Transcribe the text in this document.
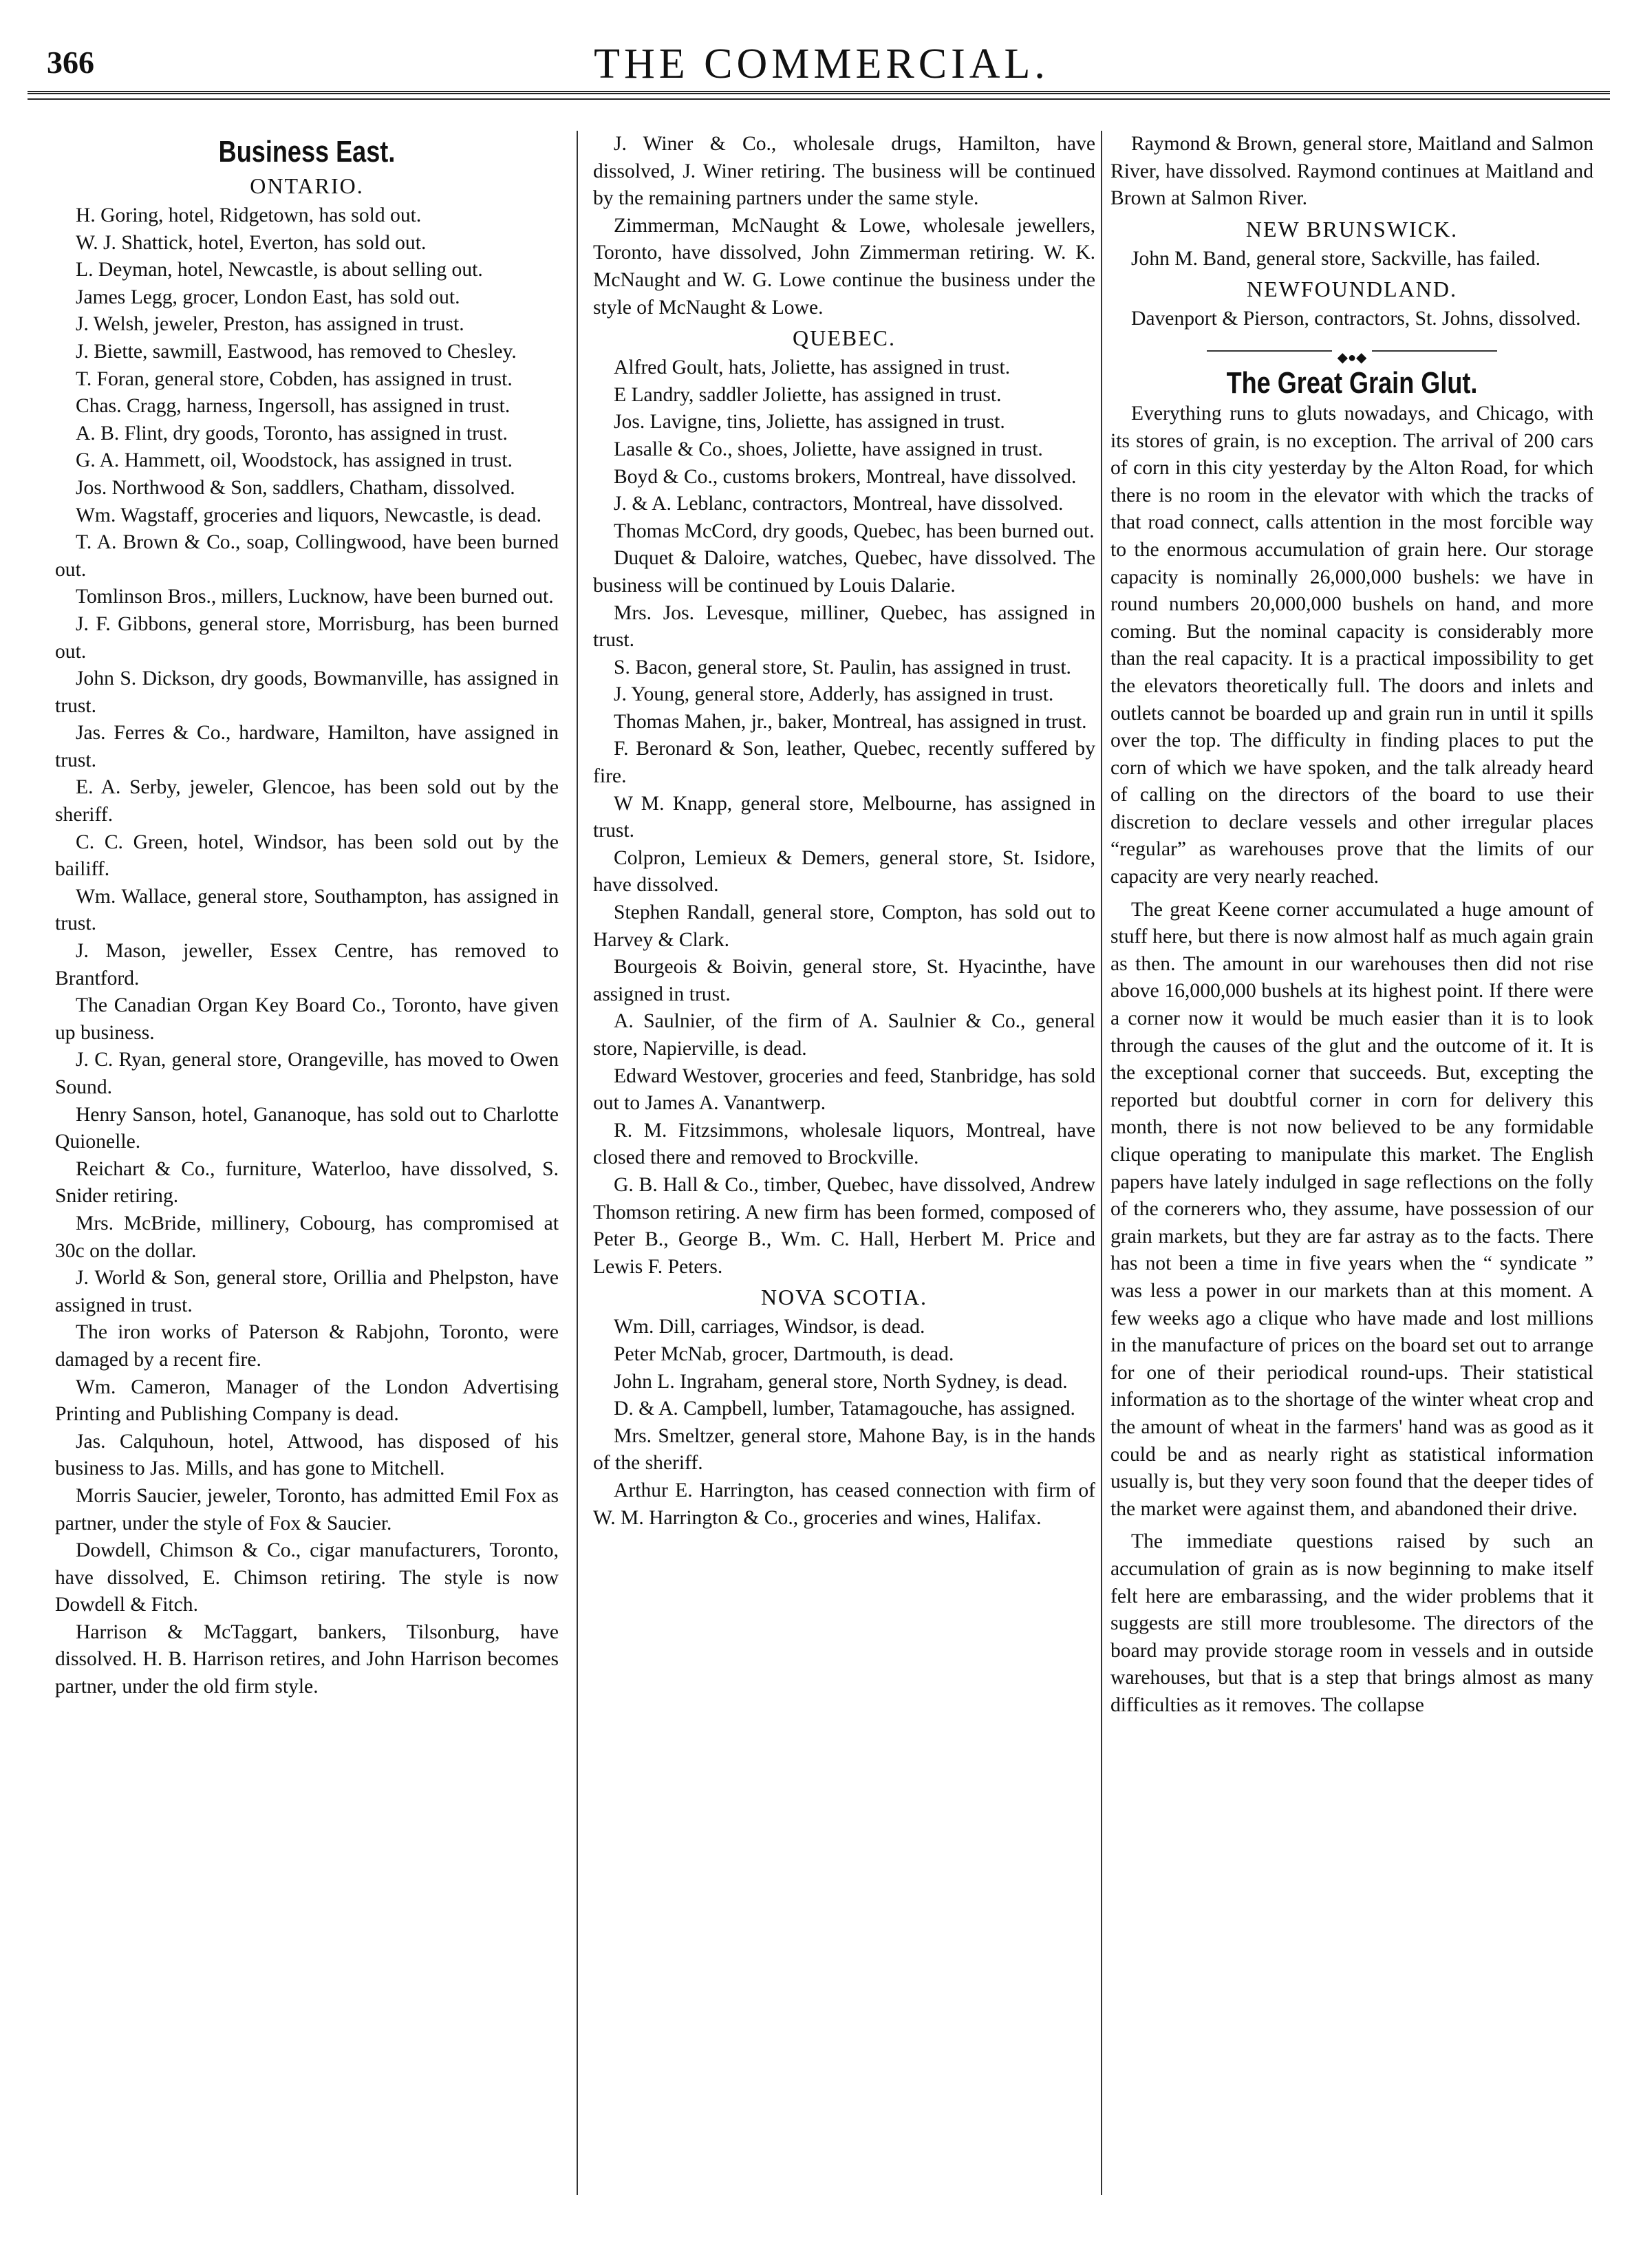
366	THE COMMERCIAL.
Business East.
ONTARIO.

H. Goring, hotel, Ridgetown, has sold out.

W. J. Shattick, hotel, Everton, has sold out.

L. Deyman, hotel, Newcastle, is about selling out.

James Legg, grocer, London East, has sold out.

J. Welsh, jeweler, Preston, has assigned in trust.

J. Biette, sawmill, Eastwood, has removed to Chesley.

T. Foran, general store, Cobden, has assigned in trust.

Chas. Cragg, harness, Ingersoll, has assigned in trust.

A. B. Flint, dry goods, Toronto, has assigned in trust.

G. A. Hammett, oil, Woodstock, has assigned in trust.

Jos. Northwood & Son, saddlers, Chatham, dissolved.

Wm. Wagstaff, groceries and liquors, Newcastle, is dead.

T. A. Brown & Co., soap, Collingwood, have been burned out.

Tomlinson Bros., millers, Lucknow, have been burned out.

J. F. Gibbons, general store, Morrisburg, has been burned out.

John S. Dickson, dry goods, Bowmanville, has assigned in trust.

Jas. Ferres & Co., hardware, Hamilton, have assigned in trust.

E. A. Serby, jeweler, Glencoe, has been sold out by the sheriff.

C. C. Green, hotel, Windsor, has been sold out by the bailiff.

Wm. Wallace, general store, Southampton, has assigned in trust.

J. Mason, jeweller, Essex Centre, has removed to Brantford.

The Canadian Organ Key Board Co., Toronto, have given up business.

J. C. Ryan, general store, Orangeville, has moved to Owen Sound.

Henry Sanson, hotel, Gananoque, has sold out to Charlotte Quionelle.

Reichart & Co., furniture, Waterloo, have dissolved, S. Snider retiring.

Mrs. McBride, millinery, Cobourg, has compromised at 30c on the dollar.

J. World & Son, general store, Orillia and Phelpston, have assigned in trust.

The iron works of Paterson & Rabjohn, Toronto, were damaged by a recent fire.

Wm. Cameron, Manager of the London Advertising Printing and Publishing Company is dead.

Jas. Calquhoun, hotel, Attwood, has disposed of his business to Jas. Mills, and has gone to Mitchell.

Morris Saucier, jeweler, Toronto, has admitted Emil Fox as partner, under the style of Fox & Saucier.

Dowdell, Chimson & Co., cigar manufacturers, Toronto, have dissolved, E. Chimson retiring. The style is now Dowdell & Fitch.

Harrison & McTaggart, bankers, Tilsonburg, have dissolved. H. B. Harrison retires, and John Harrison becomes partner, under the old firm style.

J. Winer & Co., wholesale drugs, Hamilton, have dissolved, J. Winer retiring. The business will be continued by the remaining partners under the same style.

Zimmerman, McNaught & Lowe, wholesale jewellers, Toronto, have dissolved, John Zimmerman retiring. W. K. McNaught and W. G. Lowe continue the business under the style of McNaught & Lowe.

QUEBEC.

Alfred Goult, hats, Joliette, has assigned in trust.

E Landry, saddler Joliette, has assigned in trust.

Jos. Lavigne, tins, Joliette, has assigned in trust.

Lasalle & Co., shoes, Joliette, have assigned in trust.

Boyd & Co., customs brokers, Montreal, have dissolved.

J. & A. Leblanc, contractors, Montreal, have dissolved.

Thomas McCord, dry goods, Quebec, has been burned out.

Duquet & Daloire, watches, Quebec, have dissolved. The business will be continued by Louis Dalarie.

Mrs. Jos. Levesque, milliner, Quebec, has assigned in trust.

S. Bacon, general store, St. Paulin, has assigned in trust.

J. Young, general store, Adderly, has assigned in trust.

Thomas Mahen, jr., baker, Montreal, has assigned in trust.

F. Beronard & Son, leather, Quebec, recently suffered by fire.

W M. Knapp, general store, Melbourne, has assigned in trust.

Colpron, Lemieux & Demers, general store, St. Isidore, have dissolved.

Stephen Randall, general store, Compton, has sold out to Harvey & Clark.

Bourgeois & Boivin, general store, St. Hyacinthe, have assigned in trust.

A. Saulnier, of the firm of A. Saulnier & Co., general store, Napierville, is dead.

Edward Westover, groceries and feed, Stanbridge, has sold out to James A. Vanantwerp.

R. M. Fitzsimmons, wholesale liquors, Montreal, have closed there and removed to Brockville.

G. B. Hall & Co., timber, Quebec, have dissolved, Andrew Thomson retiring. A new firm has been formed, composed of Peter B., George B., Wm. C. Hall, Herbert M. Price and Lewis F. Peters.

NOVA SCOTIA.

Wm. Dill, carriages, Windsor, is dead.

Peter McNab, grocer, Dartmouth, is dead.

John L. Ingraham, general store, North Sydney, is dead.

D. & A. Campbell, lumber, Tatamagouche, has assigned.

Mrs. Smeltzer, general store, Mahone Bay, is in the hands of the sheriff.

Arthur E. Harrington, has ceased connection with firm of W. M. Harrington & Co., groceries and wines, Halifax.

Raymond & Brown, general store, Maitland and Salmon River, have dissolved. Raymond continues at Maitland and Brown at Salmon River.

NEW BRUNSWICK.

John M. Band, general store, Sackville, has failed.

NEWFOUNDLAND.

Davenport & Pierson, contractors, St. Johns, dissolved.

◆●◆
The Great Grain Glut.

Everything runs to gluts nowadays, and Chicago, with its stores of grain, is no exception. The arrival of 200 cars of corn in this city yesterday by the Alton Road, for which there is no room in the elevator with which the tracks of that road connect, calls attention in the most forcible way to the enormous accumulation of grain here. Our storage capacity is nominally 26,000,000 bushels: we have in round numbers 20,000,000 bushels on hand, and more coming. But the nominal capacity is considerably more than the real capacity. It is a practical impossibility to get the elevators theoretically full. The doors and inlets and outlets cannot be boarded up and grain run in until it spills over the top. The difficulty in finding places to put the corn of which we have spoken, and the talk already heard of calling on the directors of the board to use their discretion to declare vessels and other irregular places “regular” as warehouses prove that the limits of our capacity are very nearly reached.

The great Keene corner accumulated a huge amount of stuff here, but there is now almost half as much again grain as then. The amount in our warehouses then did not rise above 16,000,000 bushels at its highest point. If there were a corner now it would be much easier than it is to look through the causes of the glut and the outcome of it. It is the exceptional corner that succeeds. But, excepting the reported but doubtful corner in corn for delivery this month, there is not now believed to be any formidable clique operating to manipulate this market. The English papers have lately indulged in sage reflections on the folly of the cornerers who, they assume, have possession of our grain markets, but they are far astray as to the facts. There has not been a time in five years when the “ syndicate ” was less a power in our markets than at this moment. A few weeks ago a clique who have made and lost millions in the manufacture of prices on the board set out to arrange for one of their periodical round-ups. Their statistical information as to the shortage of the winter wheat crop and the amount of wheat in the farmers' hand was as good as it could be and as nearly right as statistical information usually is, but they very soon found that the deeper tides of the market were against them, and abandoned their drive.

The immediate questions raised by such an accumulation of grain as is now beginning to make itself felt here are embarassing, and the wider problems that it suggests are still more troublesome. The directors of the board may provide storage room in vessels and in outside warehouses, but that is a step that brings almost as many difficulties as it removes. The collapse
